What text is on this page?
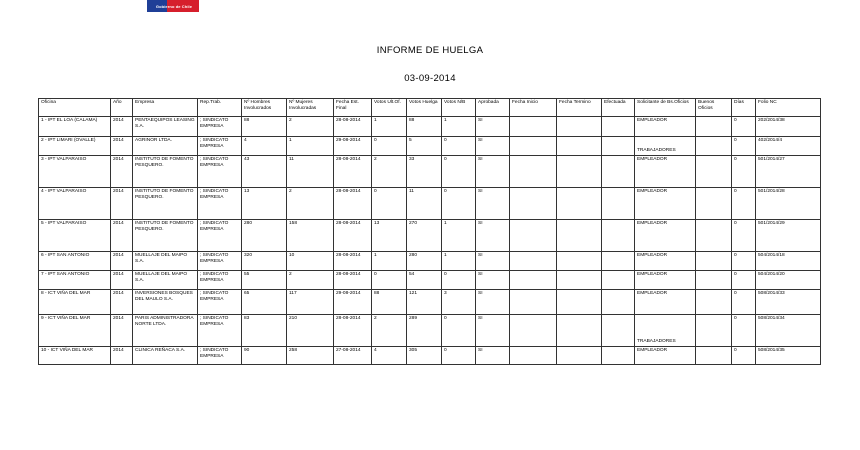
Gobierno de Chile
INFORME DE HUELGA
03-09-2014
Oficina	Año	Empresa	Rep.Trab.	Nº Hombres Involucrados	Nº Mujeres Involucradas	Fecha Est. Final	Votos Ult.Of.	Votos Huelga	Votos N/B	Aprobada	Fecha Inicio	Fecha Termino	Efectuada	Solicitante de Bs.Oficios	Buenos Oficios	Días	Folio NC
1 - IPT EL LOA (CALAMA)	2014	PENTAEQUIPOS LEASING S.A.	; SINDICATO EMPRESA	88	2	28-08-2014	1	88	1	SI				EMPLEADOR		0	202/2014/38
2 - IPT LIMARI (OVALLE)	2014	AGRINOR LTDA.	; SINDICATO EMPRESA	4	1	29-08-2014	0	5	0	SI				TRABAJADORES		0	402/2014/4
3 - IPT VALPARAISO	2014	INSTITUTO DE FOMENTO PESQUERO.	; SINDICATO EMPRESA	43	11	28-08-2014	2	33	0	SI				EMPLEADOR		0	501/2014/27
4 - IPT VALPARAISO	2014	INSTITUTO DE FOMENTO PESQUERO.	; SINDICATO EMPRESA	13	2	28-08-2014	0	11	0	SI				EMPLEADOR		0	501/2014/28
5 - IPT VALPARAISO	2014	INSTITUTO DE FOMENTO PESQUERO.	; SINDICATO EMPRESA	280	158	28-08-2014	13	270	1	SI				EMPLEADOR		0	501/2014/29
6 - IPT SAN ANTONIO	2014	MUELLAJE DEL MAIPO S.A.	; SINDICATO EMPRESA	320	10	28-08-2014	1	280	1	SI				EMPLEADOR		0	504/2014/18
7 - IPT SAN ANTONIO	2014	MUELLAJE DEL MAIPO S.A.	; SINDICATO EMPRESA	55	2	28-08-2014	0	54	0	SI				EMPLEADOR		0	504/2014/20
8 - ICT VIÑA DEL MAR	2014	INVERSIONES BOSQUES DEL MAULO S.A.	; SINDICATO EMPRESA	65	117	29-08-2014	88	121	3	SI				EMPLEADOR		0	508/2014/33
9 - ICT VIÑA DEL MAR	2014	PARIS ADMINISTRADORA NORTE LTDA.	; SINDICATO EMPRESA	83	210	28-08-2014	2	289	0	SI				TRABAJADORES		0	508/2014/34
10 - ICT VIÑA DEL MAR	2014	CLINICA REÑACA S.A.	; SINDICATO EMPRESA	90	258	27-08-2014	4	305	0	SI				EMPLEADOR		0	508/2014/35
